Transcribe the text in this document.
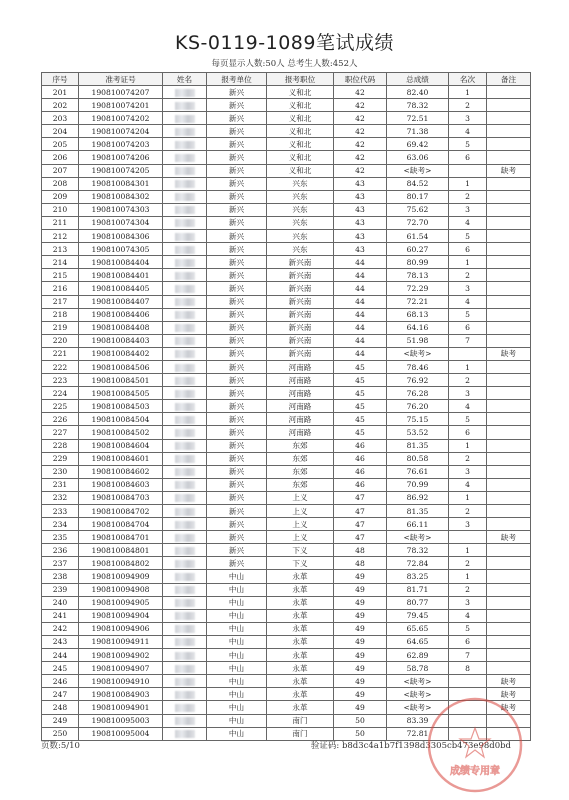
KS-0119-1089笔试成绩
每页显示人数:50人 总考生人数:452人
序号	准考证号	姓名	报考单位	报考职位	职位代码	总成绩	名次	备注
201	190810074207		新兴	义和北	42	82.40	1	
202	190810074201		新兴	义和北	42	78.32	2	
203	190810074202		新兴	义和北	42	72.51	3	
204	190810074204		新兴	义和北	42	71.38	4	
205	190810074203		新兴	义和北	42	69.42	5	
206	190810074206		新兴	义和北	42	63.06	6	
207	190810074205		新兴	义和北	42	<缺考>		缺考
208	190810084301		新兴	兴东	43	84.52	1	
209	190810084302		新兴	兴东	43	80.17	2	
210	190810074303		新兴	兴东	43	75.62	3	
211	190810074304		新兴	兴东	43	72.70	4	
212	190810084306		新兴	兴东	43	61.54	5	
213	190810074305		新兴	兴东	43	60.27	6	
214	190810084404		新兴	新兴南	44	80.99	1	
215	190810084401		新兴	新兴南	44	78.13	2	
216	190810084405		新兴	新兴南	44	72.29	3	
217	190810084407		新兴	新兴南	44	72.21	4	
218	190810084406		新兴	新兴南	44	68.13	5	
219	190810084408		新兴	新兴南	44	64.16	6	
220	190810084403		新兴	新兴南	44	51.98	7	
221	190810084402		新兴	新兴南	44	<缺考>		缺考
222	190810084506		新兴	河南路	45	78.46	1	
223	190810084501		新兴	河南路	45	76.92	2	
224	190810084505		新兴	河南路	45	76.28	3	
225	190810084503		新兴	河南路	45	76.20	4	
226	190810084504		新兴	河南路	45	75.15	5	
227	190810084502		新兴	河南路	45	53.52	6	
228	190810084604		新兴	东郊	46	81.35	1	
229	190810084601		新兴	东郊	46	80.58	2	
230	190810084602		新兴	东郊	46	76.61	3	
231	190810084603		新兴	东郊	46	70.99	4	
232	190810084703		新兴	上义	47	86.92	1	
233	190810084702		新兴	上义	47	81.35	2	
234	190810084704		新兴	上义	47	66.11	3	
235	190810084701		新兴	上义	47	<缺考>		缺考
236	190810084801		新兴	下义	48	78.32	1	
237	190810084802		新兴	下义	48	72.84	2	
238	190810094909		中山	永革	49	83.25	1	
239	190810094908		中山	永革	49	81.71	2	
240	190810094905		中山	永革	49	80.77	3	
241	190810094904		中山	永革	49	79.45	4	
242	190810094906		中山	永革	49	65.65	5	
243	190810094911		中山	永革	49	64.65	6	
244	190810094902		中山	永革	49	62.89	7	
245	190810094907		中山	永革	49	58.78	8	
246	190810094910		中山	永革	49	<缺考>		缺考
247	190810084903		中山	永革	49	<缺考>		缺考
248	190810094901		中山	永革	49	<缺考>		缺考
249	190810095003		中山	南门	50	83.39		
250	190810095004		中山	南门	50	72.81		
页数:5/10	验证码: b8d3c4a1b7f1398d3305cb473e98d0bd
成绩专用章
